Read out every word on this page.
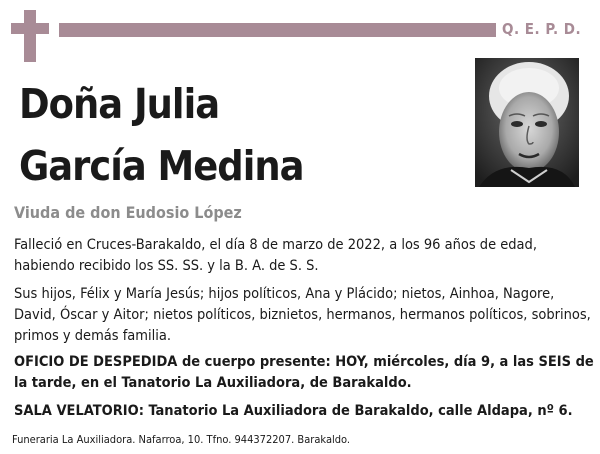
Q. E. P. D.
Doña Julia
García Medina
Viuda de don Eudosio López

Falleció en Cruces-Barakaldo, el día 8 de marzo de 2022, a los 96 años de edad, habiendo recibido los SS. SS. y la B. A. de S. S.

Sus hijos, Félix y María Jesús; hijos políticos, Ana y Plácido; nietos, Ainhoa, Nagore, David, Óscar y Aitor; nietos políticos, biznietos, hermanos, hermanos políticos, sobrinos, primos y demás familia.

OFICIO DE DESPEDIDA de cuerpo presente: HOY, miércoles, día 9, a las SEIS de la tarde, en el Tanatorio La Auxiliadora, de Barakaldo.

SALA VELATORIO: Tanatorio La Auxiliadora de Barakaldo, calle Aldapa, nº 6.

Funeraria La Auxiliadora. Nafarroa, 10. Tfno. 944372207. Barakaldo.
